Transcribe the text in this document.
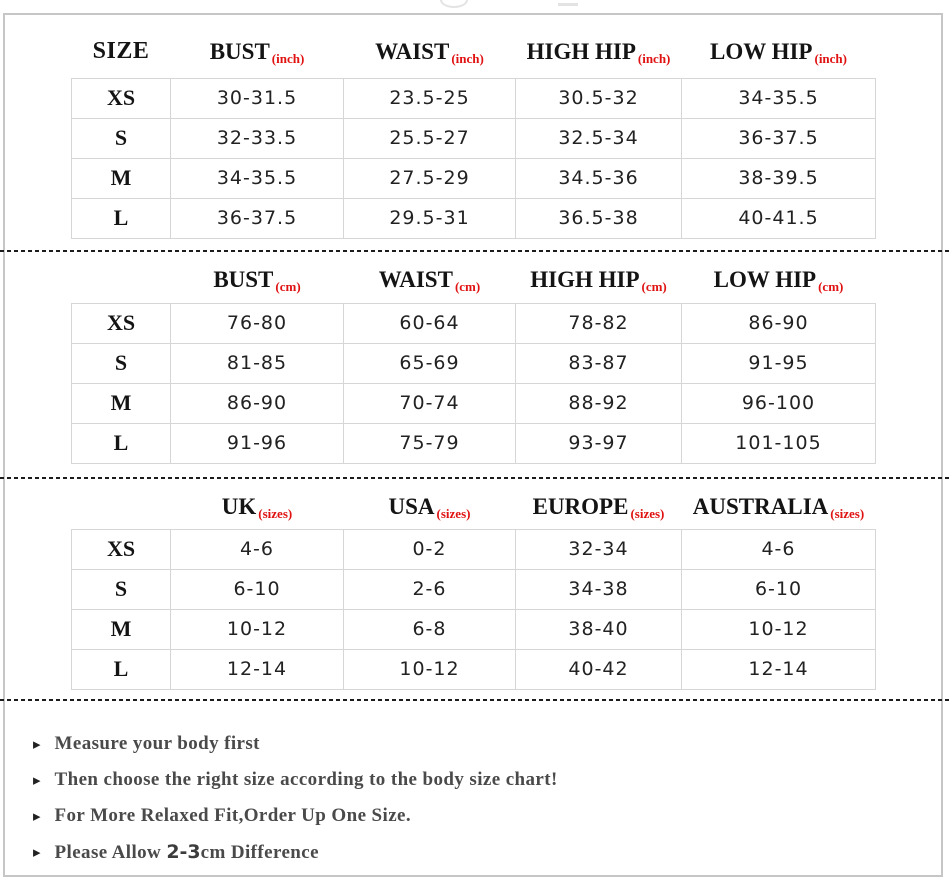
SIZE	BUST (inch)	WAIST (inch)	HIGH HIP (inch)	LOW HIP (inch)
XS	30-31.5	23.5-25	30.5-32	34-35.5
S	32-33.5	25.5-27	32.5-34	36-37.5
M	34-35.5	27.5-29	34.5-36	38-39.5
L	36-37.5	29.5-31	36.5-38	40-41.5
	BUST (cm)	WAIST (cm)	HIGH HIP (cm)	LOW HIP (cm)
XS	76-80	60-64	78-82	86-90
S	81-85	65-69	83-87	91-95
M	86-90	70-74	88-92	96-100
L	91-96	75-79	93-97	101-105
	UK (sizes)	USA (sizes)	EUROPE (sizes)	AUSTRALIA (sizes)
XS	4-6	0-2	32-34	4-6
S	6-10	2-6	34-38	6-10
M	10-12	6-8	38-40	10-12
L	12-14	10-12	40-42	12-14
▸ Measure your body first
▸ Then choose the right size according to the body size chart!
▸ For More Relaxed Fit,Order Up One Size.
▸ Please Allow 2-3cm Difference
